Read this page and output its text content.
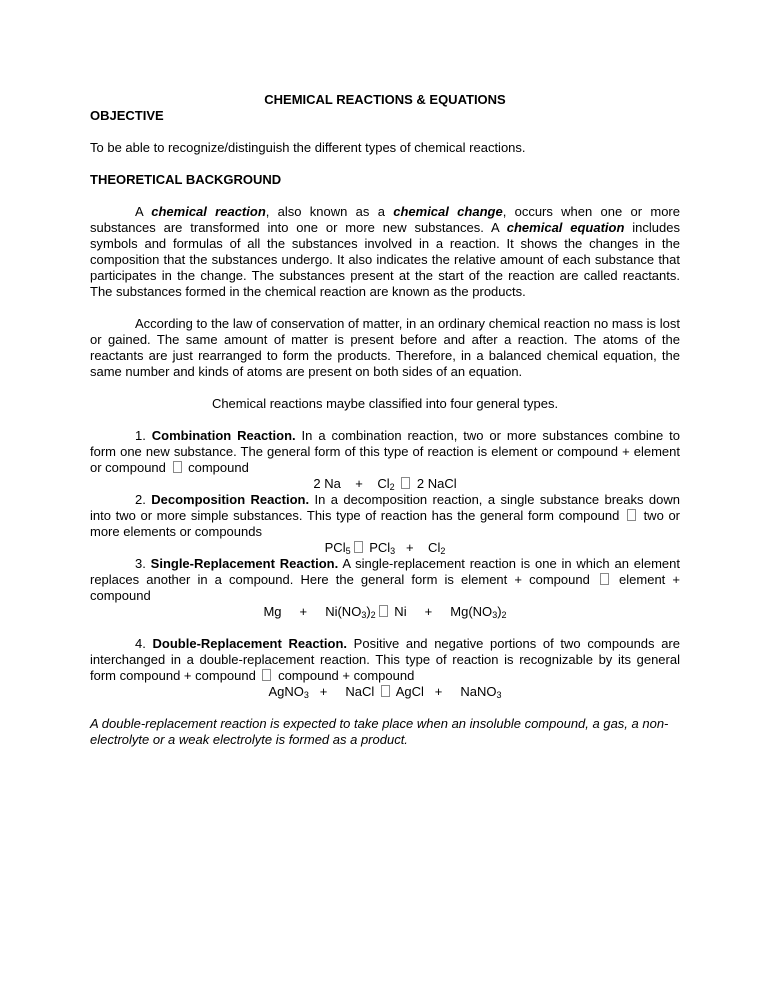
CHEMICAL REACTIONS & EQUATIONS

OBJECTIVE

To be able to recognize/distinguish the different types of chemical reactions.

THEORETICAL BACKGROUND

A chemical reaction, also known as a chemical change, occurs when one or more substances are transformed into one or more new substances. A chemical equation includes symbols and formulas of all the substances involved in a reaction. It shows the changes in the composition that the substances undergo. It also indicates the relative amount of each substance that participates in the change. The substances present at the start of the reaction are called reactants. The substances formed in the chemical reaction are known as the products.

According to the law of conservation of matter, in an ordinary chemical reaction no mass is lost or gained. The same amount of matter is present before and after a reaction. The atoms of the reactants are just rearranged to form the products. Therefore, in a balanced chemical equation, the same number and kinds of atoms are present on both sides of an equation.

Chemical reactions maybe classified into four general types.

1. Combination Reaction. In a combination reaction, two or more substances combine to form one new substance. The general form of this type of reaction is element or compound + element or compound  compound

2 Na    +    $Cl_2$  2 NaCl

2. Decomposition Reaction. In a decomposition reaction, a single substance breaks down into two or more simple substances. This type of reaction has the general form compound  two or more elements or compounds

PCl$_5$ PCl$_3$   +    $Cl_2$

3. Single-Replacement Reaction. A single-replacement reaction is one in which an element replaces another in a compound. Here the general form is element + compound  element + compound

Mg     +     $Ni(NO_3)_2$ Ni     +     $Mg(NO_3)_2$

4. Double-Replacement Reaction. Positive and negative portions of two compounds are interchanged in a double-replacement reaction. This type of reaction is recognizable by its general form compound + compound  compound + compound

AgNO$_3$   +     NaCl  AgCl   +     NaNO$_3$

A double-replacement reaction is expected to take place when an insoluble compound, a gas, a non-electrolyte or a weak electrolyte is formed as a product.
